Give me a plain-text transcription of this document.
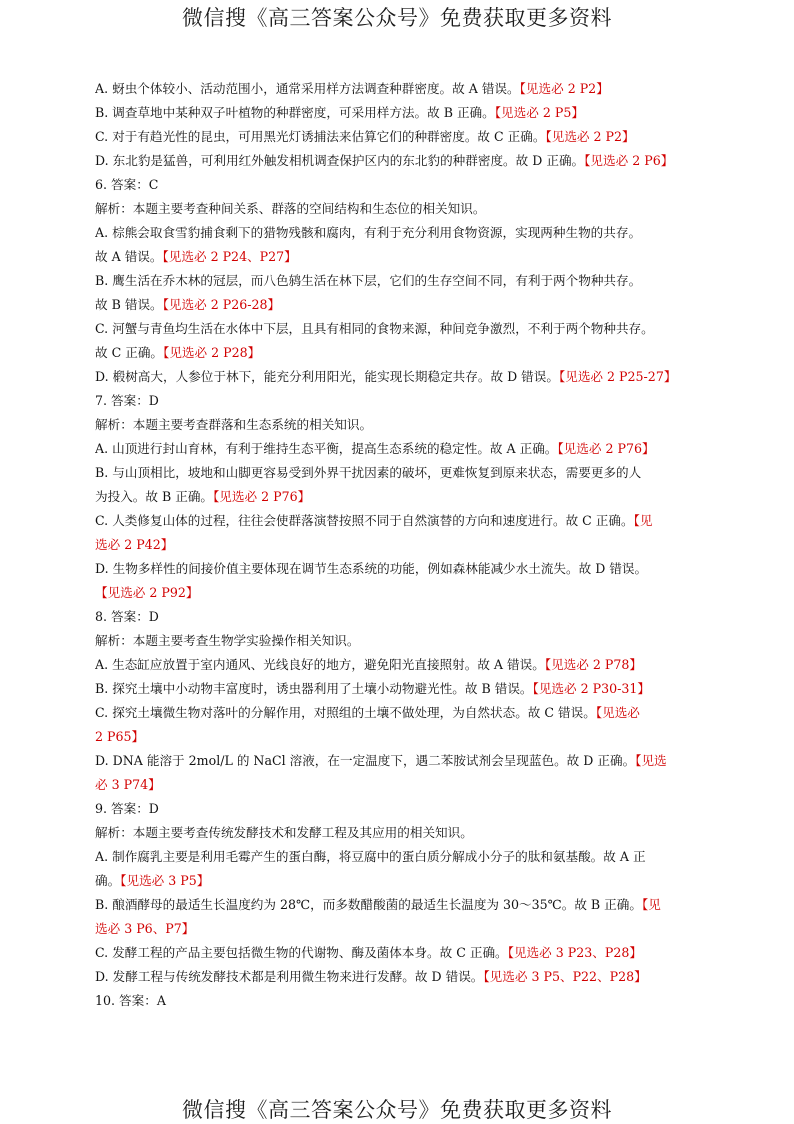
微信搜《高三答案公众号》免费获取更多资料
A. 蚜虫个体较小、活动范围小，通常采用样方法调查种群密度。故 A 错误。【见选必 2 P2】
B. 调查草地中某种双子叶植物的种群密度，可采用样方法。故 B 正确。【见选必 2 P5】
C. 对于有趋光性的昆虫，可用黑光灯诱捕法来估算它们的种群密度。故 C 正确。【见选必 2 P2】
D. 东北豹是猛兽，可利用红外触发相机调查保护区内的东北豹的种群密度。故 D 正确。【见选必 2 P6】
6. 答案：C
解析：本题主要考查种间关系、群落的空间结构和生态位的相关知识。
A. 棕熊会取食雪豹捕食剩下的猎物残骸和腐肉，有利于充分利用食物资源，实现两种生物的共存。
故 A 错误。【见选必 2 P24、P27】
B. 鹰生活在乔木林的冠层，而八色鸫生活在林下层，它们的生存空间不同，有利于两个物种共存。
故 B 错误。【见选必 2 P26-28】
C. 河蟹与青鱼均生活在水体中下层，且具有相同的食物来源，种间竞争激烈，不利于两个物种共存。
故 C 正确。【见选必 2 P28】
D. 椴树高大，人参位于林下，能充分利用阳光，能实现长期稳定共存。故 D 错误。【见选必 2 P25-27】
7. 答案：D
解析：本题主要考查群落和生态系统的相关知识。
A. 山顶进行封山育林，有利于维持生态平衡，提高生态系统的稳定性。故 A 正确。【见选必 2 P76】
B. 与山顶相比，坡地和山脚更容易受到外界干扰因素的破坏，更难恢复到原来状态，需要更多的人
为投入。故 B 正确。【见选必 2 P76】
C. 人类修复山体的过程，往往会使群落演替按照不同于自然演替的方向和速度进行。故 C 正确。【见
选必 2 P42】
D. 生物多样性的间接价值主要体现在调节生态系统的功能，例如森林能减少水土流失。故 D 错误。
【见选必 2 P92】
8. 答案：D
解析：本题主要考查生物学实验操作相关知识。
A. 生态缸应放置于室内通风、光线良好的地方，避免阳光直接照射。故 A 错误。【见选必 2 P78】
B. 探究土壤中小动物丰富度时，诱虫器利用了土壤小动物避光性。故 B 错误。【见选必 2 P30-31】
C. 探究土壤微生物对落叶的分解作用，对照组的土壤不做处理，为自然状态。故 C 错误。【见选必
2 P65】
D. DNA 能溶于 2mol/L 的 NaCl 溶液，在一定温度下，遇二苯胺试剂会呈现蓝色。故 D 正确。【见选
必 3 P74】
9. 答案：D
解析：本题主要考查传统发酵技术和发酵工程及其应用的相关知识。
A. 制作腐乳主要是利用毛霉产生的蛋白酶，将豆腐中的蛋白质分解成小分子的肽和氨基酸。故 A 正
确。【见选必 3 P5】
B. 酿酒酵母的最适生长温度约为 28℃，而多数醋酸菌的最适生长温度为 30～35℃。故 B 正确。【见
选必 3 P6、P7】
C. 发酵工程的产品主要包括微生物的代谢物、酶及菌体本身。故 C 正确。【见选必 3 P23、P28】
D. 发酵工程与传统发酵技术都是利用微生物来进行发酵。故 D 错误。【见选必 3 P5、P22、P28】
10. 答案：A
微信搜《高三答案公众号》免费获取更多资料
